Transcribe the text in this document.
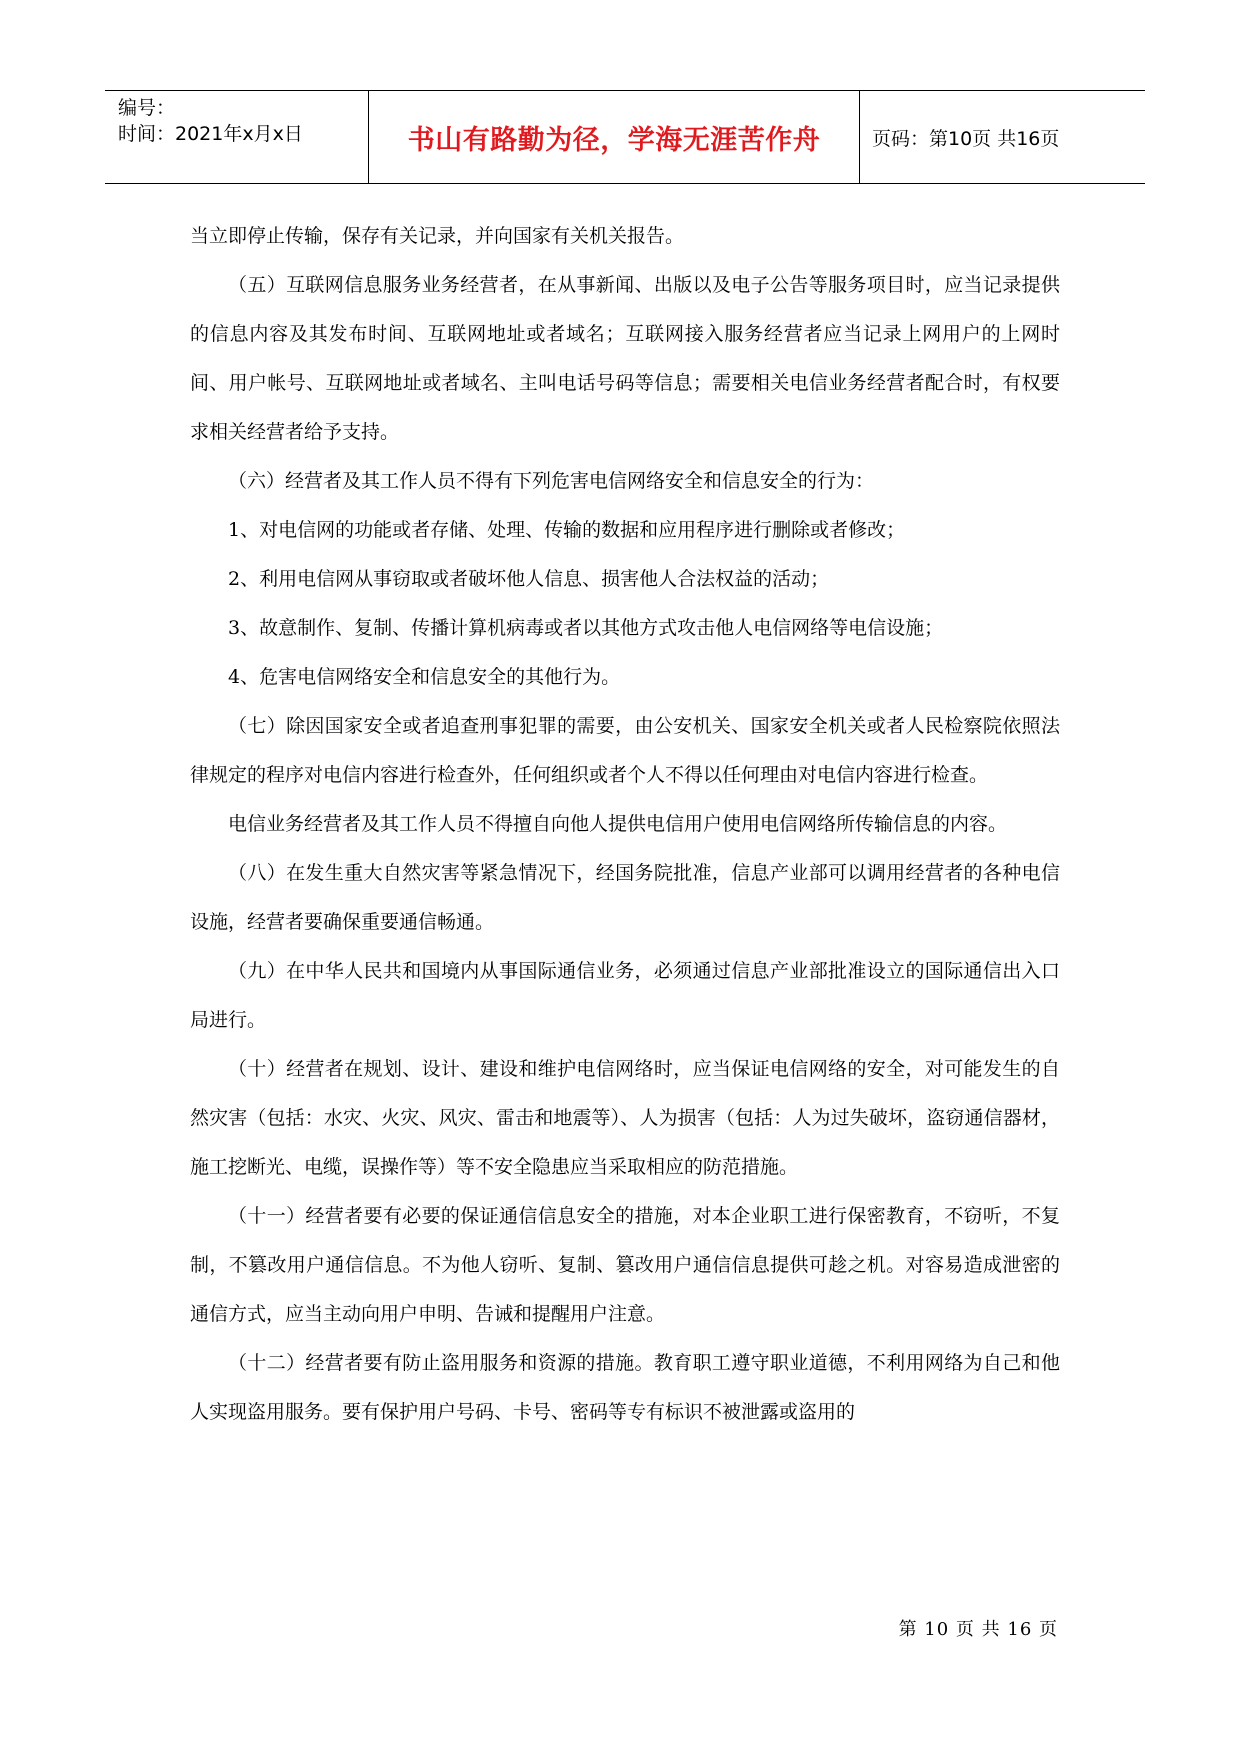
编号：
时间：2021年x月x日	书山有路勤为径，学海无涯苦作舟	页码：第10页 共16页

当立即停止传输，保存有关记录，并向国家有关机关报告。

（五）互联网信息服务业务经营者，在从事新闻、出版以及电子公告等服务项目时，应当记录提供的信息内容及其发布时间、互联网地址或者域名；互联网接入服务经营者应当记录上网用户的上网时间、用户帐号、互联网地址或者域名、主叫电话号码等信息；需要相关电信业务经营者配合时，有权要求相关经营者给予支持。

（六）经营者及其工作人员不得有下列危害电信网络安全和信息安全的行为：

1、对电信网的功能或者存储、处理、传输的数据和应用程序进行删除或者修改；

2、利用电信网从事窃取或者破坏他人信息、损害他人合法权益的活动；

3、故意制作、复制、传播计算机病毒或者以其他方式攻击他人电信网络等电信设施；

4、危害电信网络安全和信息安全的其他行为。

（七）除因国家安全或者追查刑事犯罪的需要，由公安机关、国家安全机关或者人民检察院依照法律规定的程序对电信内容进行检查外，任何组织或者个人不得以任何理由对电信内容进行检查。

电信业务经营者及其工作人员不得擅自向他人提供电信用户使用电信网络所传输信息的内容。

（八）在发生重大自然灾害等紧急情况下，经国务院批准，信息产业部可以调用经营者的各种电信设施，经营者要确保重要通信畅通。

（九）在中华人民共和国境内从事国际通信业务，必须通过信息产业部批准设立的国际通信出入口局进行。

（十）经营者在规划、设计、建设和维护电信网络时，应当保证电信网络的安全，对可能发生的自然灾害（包括：水灾、火灾、风灾、雷击和地震等）、人为损害（包括：人为过失破坏，盗窃通信器材，施工挖断光、电缆，误操作等）等不安全隐患应当采取相应的防范措施。

（十一）经营者要有必要的保证通信信息安全的措施，对本企业职工进行保密教育，不窃听，不复制，不篡改用户通信信息。不为他人窃听、复制、篡改用户通信信息提供可趁之机。对容易造成泄密的通信方式，应当主动向用户申明、告诫和提醒用户注意。

（十二）经营者要有防止盗用服务和资源的措施。教育职工遵守职业道德，不利用网络为自己和他人实现盗用服务。要有保护用户号码、卡号、密码等专有标识不被泄露或盗用的

第 10 页 共 16 页
